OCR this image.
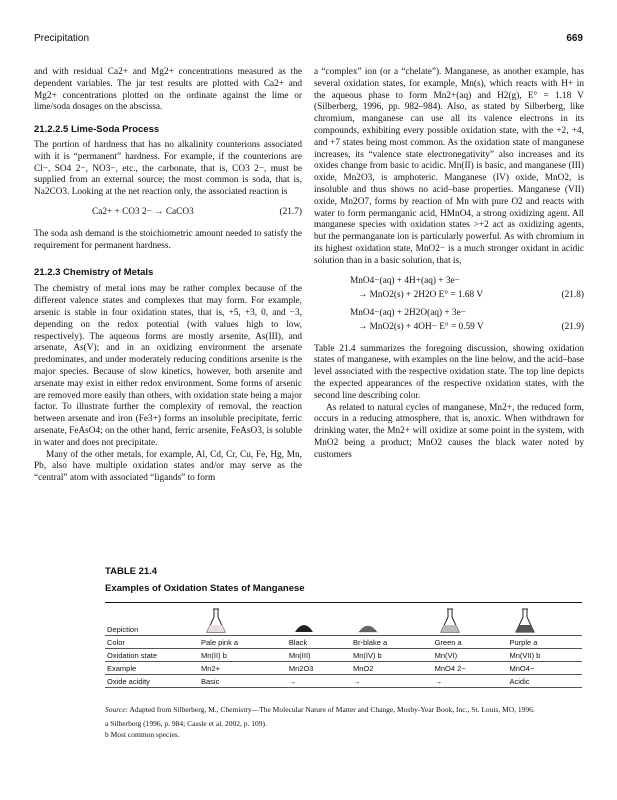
Precipitation	669

and with residual Ca2+ and Mg2+ concentrations measured as the dependent variables. The jar test results are plotted with Ca2+ and Mg2+ concentrations plotted on the ordinate against the lime or lime/soda dosages on the abscissa.

21.2.2.5 Lime-Soda Process

The portion of hardness that has no alkalinity counterions associated with it is “permanent” hardness. For example, if the counterions are Cl−, SO4 2−, NO3−, etc., the carbonate, that is, CO3 2−, must be supplied from an external source; the most common is soda, that is, Na2CO3. Looking at the net reaction only, the associated reaction is

Ca2+ + CO3 2− → CaCO3	(21.7)

The soda ash demand is the stoichiometric amount needed to satisfy the requirement for permanent hardness.

21.2.3 Chemistry of Metals

The chemistry of metal ions may be rather complex because of the different valence states and complexes that may form. For example, arsenic is stable in four oxidation states, that is, +5, +3, 0, and −3, depending on the redox potential (with values high to low, respectively). The aqueous forms are mostly arsenite, As(III), and arsenate, As(V); and in an oxidizing environment the arsenate predominates, and under moderately reducing conditions arsenite is the major species. Because of slow kinetics, however, both arsenite and arsenate may exist in either redox environment. Some forms of arsenic are removed more easily than others, with oxidation state being a major factor. To illustrate further the complexity of removal, the reaction between arsenate and iron (Fe3+) forms an insoluble precipitate, ferric arsenate, FeAsO4; on the other hand, ferric arsenite, FeAsO3, is soluble in water and does not precipitate.

Many of the other metals, for example, Al, Cd, Cr, Cu, Fe, Hg, Mn, Pb, also have multiple oxidation states and/or may serve as the “central” atom with associated “ligands” to form

a “complex” ion (or a “chelate”). Manganese, as another example, has several oxidation states, for example, Mn(s), which reacts with H+ in the aqueous phase to form Mn2+(aq) and H2(g), E° = 1.18 V (Silberberg, 1996, pp. 982–984). Also, as stated by Silberberg, like chromium, manganese can use all its valence electrons in its compounds, exhibiting every possible oxidation state, with the +2, +4, and +7 states being most common. As the oxidation state of manganese increases, its “valence state electronegativity” also increases and its oxides change from basic to acidic. Mn(II) is basic, and manganese (III) oxide, Mn2O3, is amphoteric. Manganese (IV) oxide, MnO2, is insoluble and thus shows no acid–base properties. Manganese (VII) oxide, Mn2O7, forms by reaction of Mn with pure O2 and reacts with water to form permanganic acid, HMnO4, a strong oxidizing agent. All manganese species with oxidation states >+2 act as oxidizing agents, but the permanganate ion is particularly powerful. As with chromium in its highest oxidation state, MnO2− is a much stronger oxidant in acidic solution than in a basic solution, that is,

MnO4−(aq) + 4H+(aq) + 3e−
→ MnO2(s) + 2H2O E° = 1.68 V	(21.8)
MnO4−(aq) + 2H2O(aq) + 3e−
→ MnO2(s) + 4OH− E° = 0.59 V	(21.9)

Table 21.4 summarizes the foregoing discussion, showing oxidation states of manganese, with examples on the line below, and the acid–base level associated with the respective oxidation state. The top line depicts the expected appearances of the respective oxidation states, with the second line describing color.

As related to natural cycles of manganese, Mn2+, the reduced form, occurs in a reducing atmosphere, that is, anoxic. When withdrawn for drinking water, the Mn2+ will oxidize at some point in the system, with MnO2 being a product; MnO2 causes the black water noted by customers

TABLE 21.4
Examples of Oxidation States of Manganese
Depiction	

Color	Pale pink a	Black	Br-blake a	Green a	Purple a
Oxidation state	Mn(II) b	Mn(III)	Mn(IV) b	Mn(VI)	Mn(VII) b
Example	Mn2+	Mn2O3	MnO2	MnO4 2−	MnO4−
Oxide acidity	Basic	→	→	→	Acidic
Source: Adapted from Silberberg, M., Chemistry—The Molecular Nature of Matter and Change, Mosby-Year Book, Inc., St. Louis, MO, 1996.
a Silberberg (1996, p. 984; Cassle et al. 2002, p. 109).
b Most common species.
